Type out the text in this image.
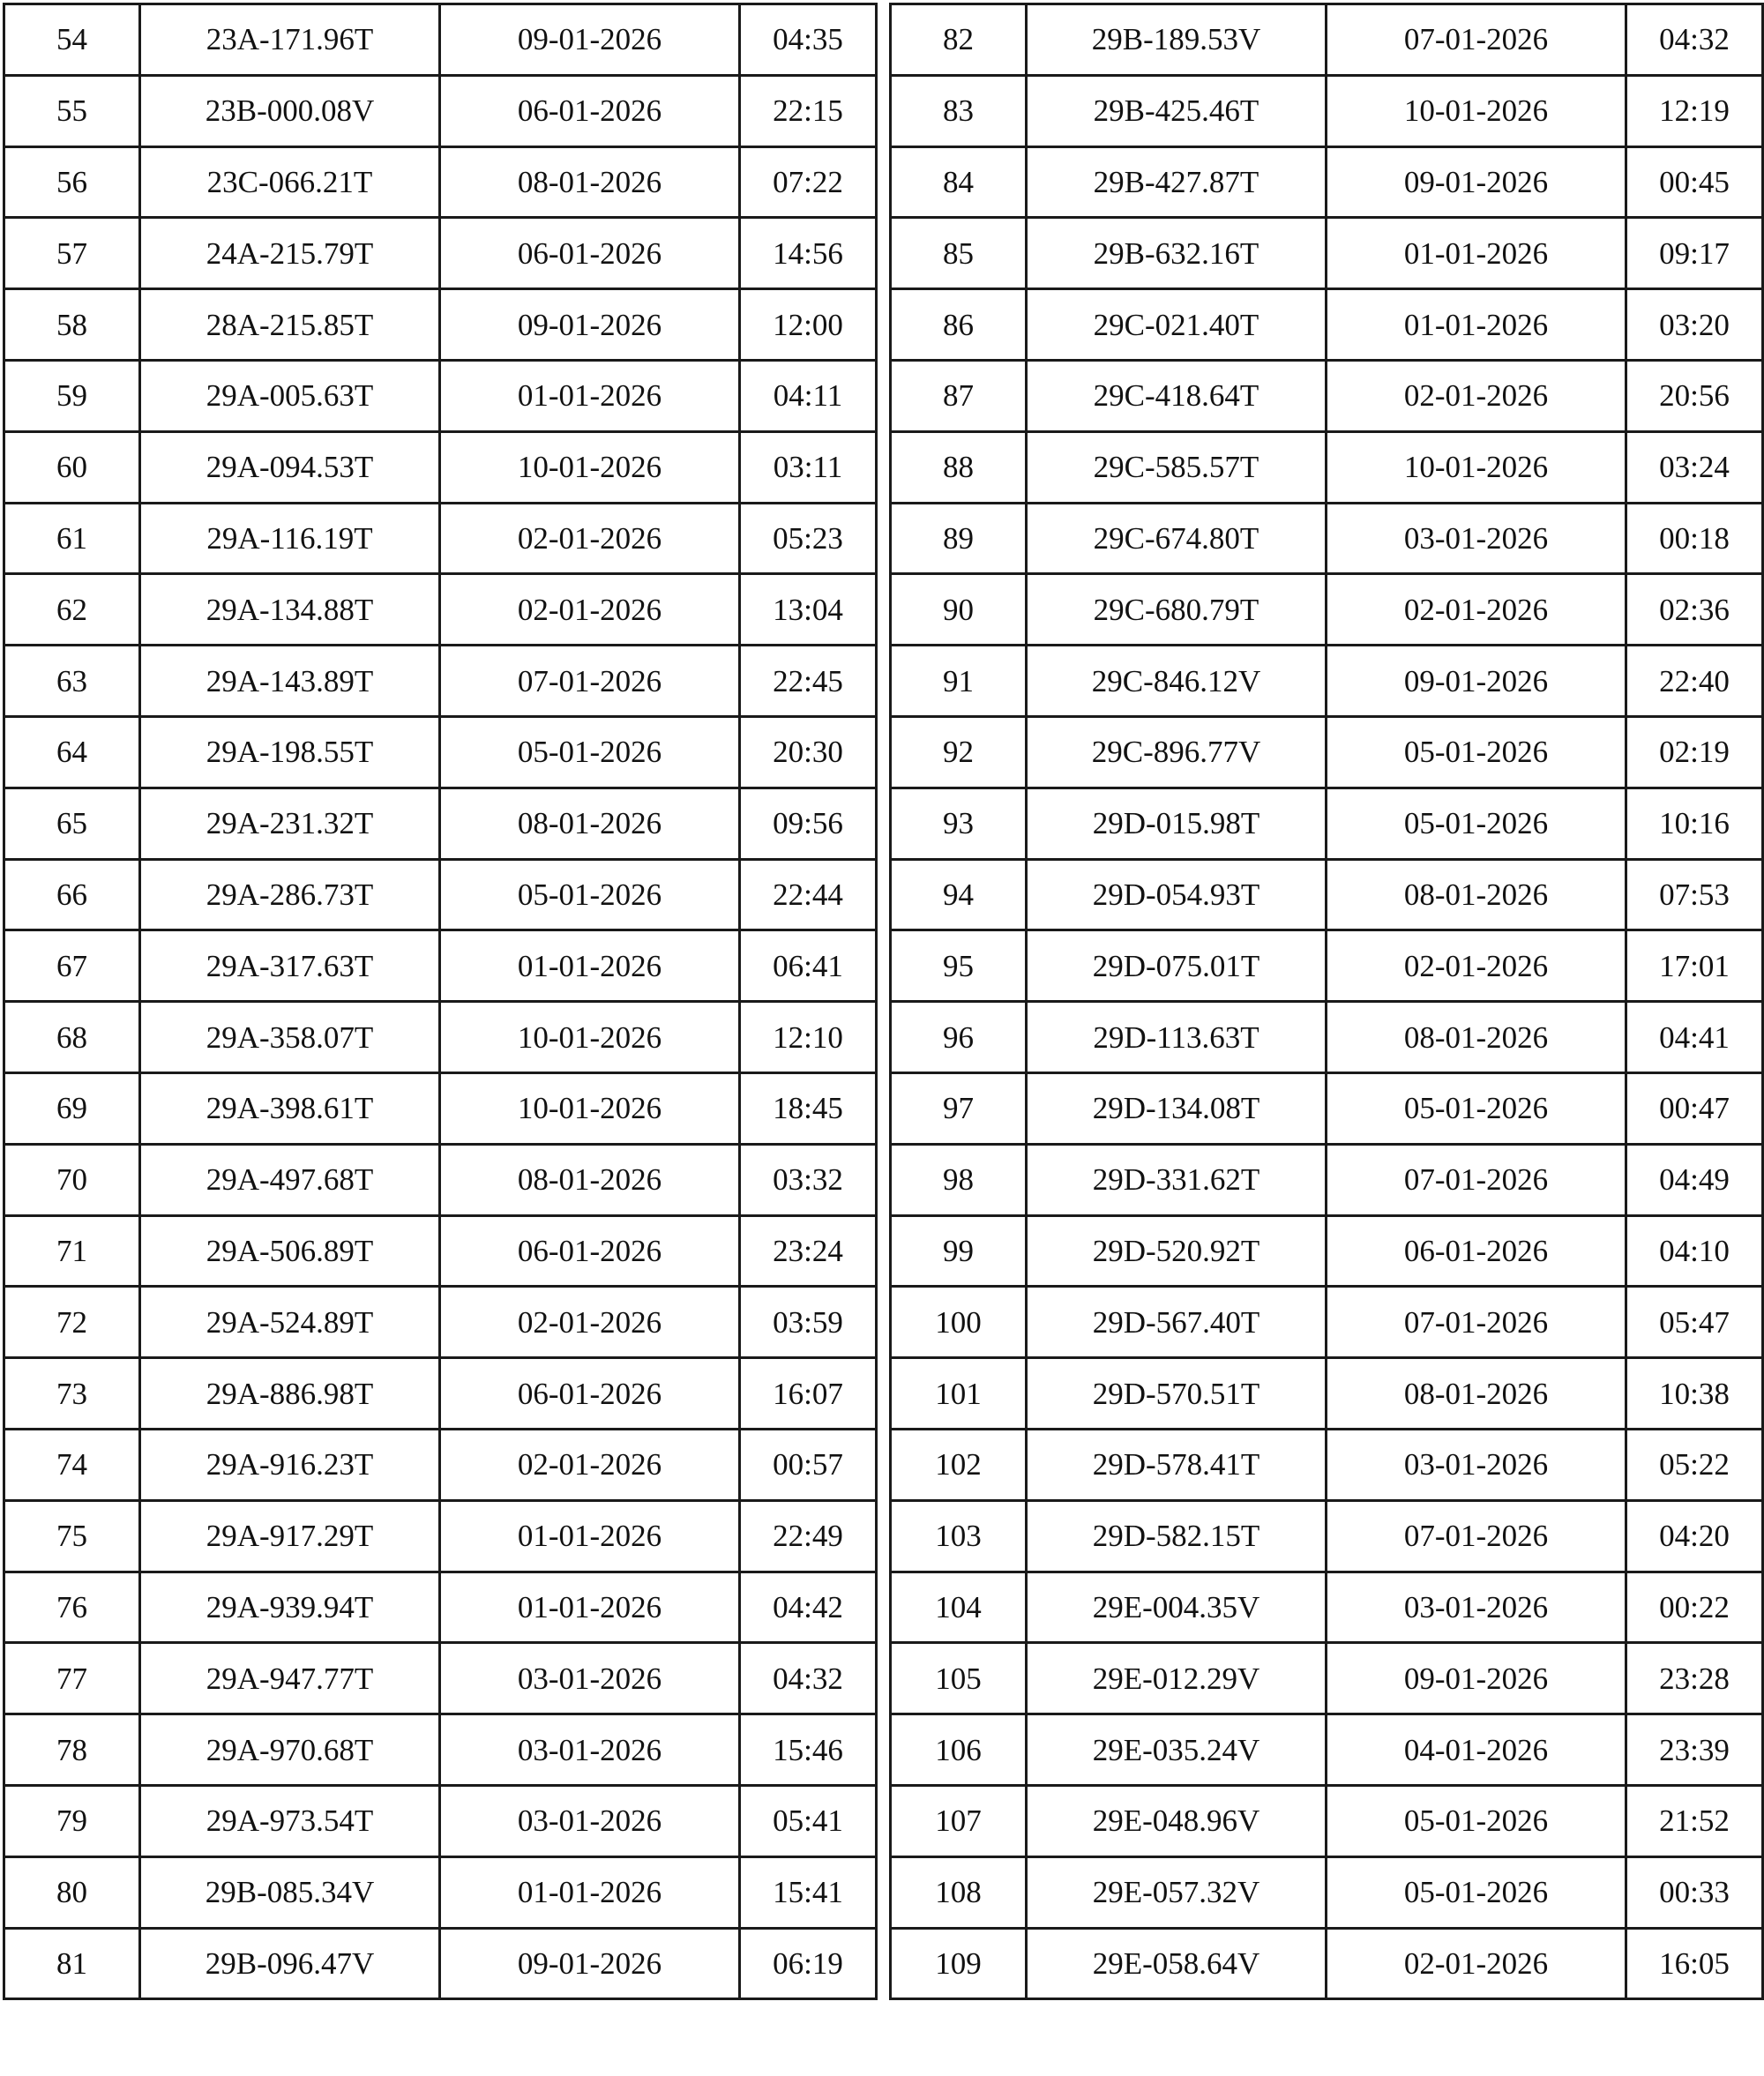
54	23A-171.96T	09-01-2026	04:35
55	23B-000.08V	06-01-2026	22:15
56	23C-066.21T	08-01-2026	07:22
57	24A-215.79T	06-01-2026	14:56
58	28A-215.85T	09-01-2026	12:00
59	29A-005.63T	01-01-2026	04:11
60	29A-094.53T	10-01-2026	03:11
61	29A-116.19T	02-01-2026	05:23
62	29A-134.88T	02-01-2026	13:04
63	29A-143.89T	07-01-2026	22:45
64	29A-198.55T	05-01-2026	20:30
65	29A-231.32T	08-01-2026	09:56
66	29A-286.73T	05-01-2026	22:44
67	29A-317.63T	01-01-2026	06:41
68	29A-358.07T	10-01-2026	12:10
69	29A-398.61T	10-01-2026	18:45
70	29A-497.68T	08-01-2026	03:32
71	29A-506.89T	06-01-2026	23:24
72	29A-524.89T	02-01-2026	03:59
73	29A-886.98T	06-01-2026	16:07
74	29A-916.23T	02-01-2026	00:57
75	29A-917.29T	01-01-2026	22:49
76	29A-939.94T	01-01-2026	04:42
77	29A-947.77T	03-01-2026	04:32
78	29A-970.68T	03-01-2026	15:46
79	29A-973.54T	03-01-2026	05:41
80	29B-085.34V	01-01-2026	15:41
81	29B-096.47V	09-01-2026	06:19
82	29B-189.53V	07-01-2026	04:32
83	29B-425.46T	10-01-2026	12:19
84	29B-427.87T	09-01-2026	00:45
85	29B-632.16T	01-01-2026	09:17
86	29C-021.40T	01-01-2026	03:20
87	29C-418.64T	02-01-2026	20:56
88	29C-585.57T	10-01-2026	03:24
89	29C-674.80T	03-01-2026	00:18
90	29C-680.79T	02-01-2026	02:36
91	29C-846.12V	09-01-2026	22:40
92	29C-896.77V	05-01-2026	02:19
93	29D-015.98T	05-01-2026	10:16
94	29D-054.93T	08-01-2026	07:53
95	29D-075.01T	02-01-2026	17:01
96	29D-113.63T	08-01-2026	04:41
97	29D-134.08T	05-01-2026	00:47
98	29D-331.62T	07-01-2026	04:49
99	29D-520.92T	06-01-2026	04:10
100	29D-567.40T	07-01-2026	05:47
101	29D-570.51T	08-01-2026	10:38
102	29D-578.41T	03-01-2026	05:22
103	29D-582.15T	07-01-2026	04:20
104	29E-004.35V	03-01-2026	00:22
105	29E-012.29V	09-01-2026	23:28
106	29E-035.24V	04-01-2026	23:39
107	29E-048.96V	05-01-2026	21:52
108	29E-057.32V	05-01-2026	00:33
109	29E-058.64V	02-01-2026	16:05
